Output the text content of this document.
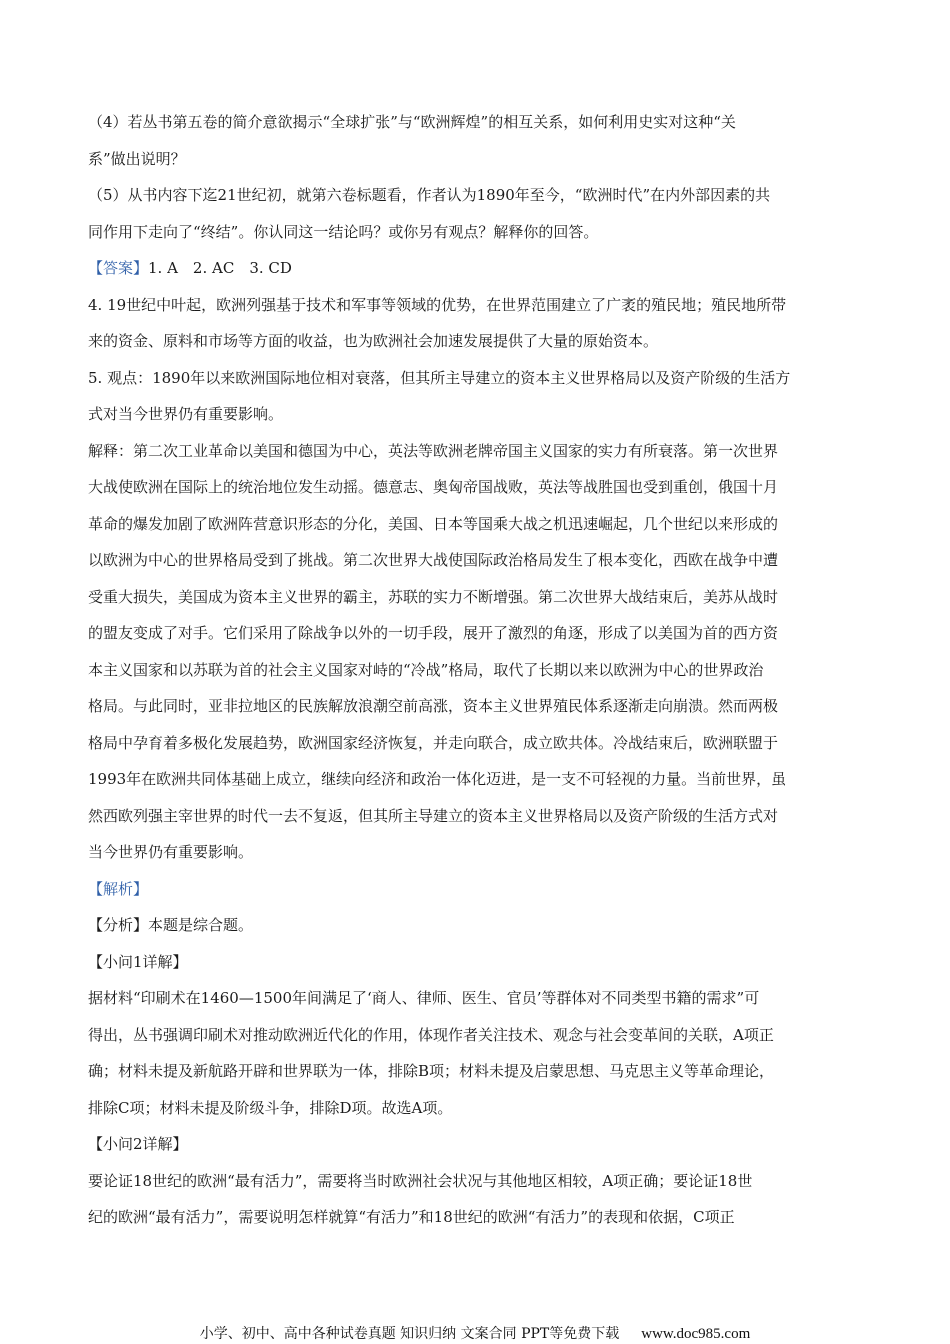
（4）若丛书第五卷的简介意欲揭示“全球扩张”与“欧洲辉煌”的相互关系，如何利用史实对这种“关
系”做出说明？
（5）从书内容下迄21世纪初，就第六卷标题看，作者认为1890年至今，“欧洲时代”在内外部因素的共
同作用下走向了“终结”。你认同这一结论吗？或你另有观点？解释你的回答。
【答案】1. A　2. AC　3. CD
4. 19世纪中叶起，欧洲列强基于技术和军事等领域的优势，在世界范围建立了广袤的殖民地；殖民地所带
来的资金、原料和市场等方面的收益，也为欧洲社会加速发展提供了大量的原始资本。
5. 观点：1890年以来欧洲国际地位相对衰落，但其所主导建立的资本主义世界格局以及资产阶级的生活方
式对当今世界仍有重要影响。
解释：第二次工业革命以美国和德国为中心，英法等欧洲老牌帝国主义国家的实力有所衰落。第一次世界
大战使欧洲在国际上的统治地位发生动摇。德意志、奥匈帝国战败，英法等战胜国也受到重创，俄国十月
革命的爆发加剧了欧洲阵营意识形态的分化，美国、日本等国乘大战之机迅速崛起，几个世纪以来形成的
以欧洲为中心的世界格局受到了挑战。第二次世界大战使国际政治格局发生了根本变化，西欧在战争中遭
受重大损失，美国成为资本主义世界的霸主，苏联的实力不断增强。第二次世界大战结束后，美苏从战时
的盟友变成了对手。它们采用了除战争以外的一切手段，展开了激烈的角逐，形成了以美国为首的西方资
本主义国家和以苏联为首的社会主义国家对峙的“冷战”格局，取代了长期以来以欧洲为中心的世界政治
格局。与此同时，亚非拉地区的民族解放浪潮空前高涨，资本主义世界殖民体系逐渐走向崩溃。然而两极
格局中孕育着多极化发展趋势，欧洲国家经济恢复，并走向联合，成立欧共体。冷战结束后，欧洲联盟于
1993年在欧洲共同体基础上成立，继续向经济和政治一体化迈进，是一支不可轻视的力量。当前世界，虽
然西欧列强主宰世界的时代一去不复返，但其所主导建立的资本主义世界格局以及资产阶级的生活方式对
当今世界仍有重要影响。
【解析】
【分析】本题是综合题。
【小问1详解】
据材料“印刷术在1460—1500年间满足了‘商人、律师、医生、官员’等群体对不同类型书籍的需求”可
得出，丛书强调印刷术对推动欧洲近代化的作用，体现作者关注技术、观念与社会变革间的关联，A项正
确；材料未提及新航路开辟和世界联为一体，排除B项；材料未提及启蒙思想、马克思主义等革命理论，
排除C项；材料未提及阶级斗争，排除D项。故选A项。
【小问2详解】
要论证18世纪的欧洲“最有活力”，需要将当时欧洲社会状况与其他地区相较，A项正确；要论证18世
纪的欧洲“最有活力”，需要说明怎样就算“有活力”和18世纪的欧洲“有活力”的表现和依据，C项正
小学、初中、高中各种试卷真题 知识归纳 文案合同 PPT等免费下载 www.doc985.com
